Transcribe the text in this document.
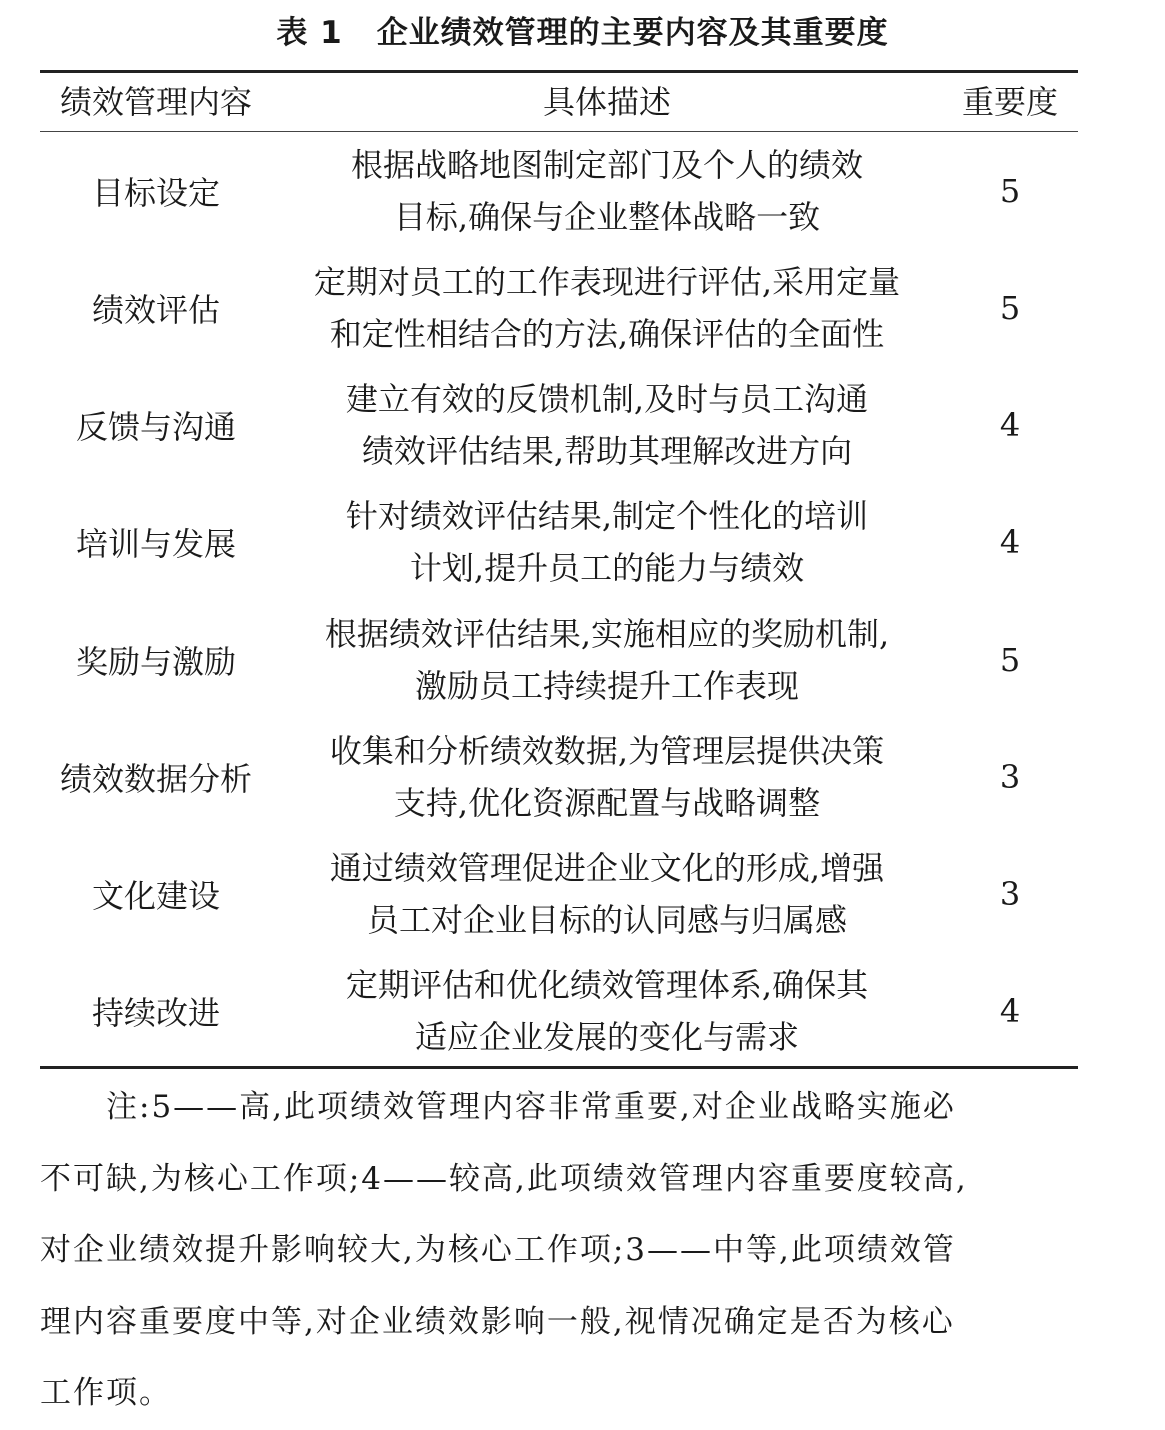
表 1 企业绩效管理的主要内容及其重要度
绩效管理内容	具体描述	重要度
目标设定
根据战略地图制定部门及个人的绩效
目标,确保与企业整体战略一致
5
绩效评估
定期对员工的工作表现进行评估,采用定量
和定性相结合的方法,确保评估的全面性
5
反馈与沟通
建立有效的反馈机制,及时与员工沟通
绩效评估结果,帮助其理解改进方向
4
培训与发展
针对绩效评估结果,制定个性化的培训
计划,提升员工的能力与绩效
4
奖励与激励
根据绩效评估结果,实施相应的奖励机制,
激励员工持续提升工作表现
5
绩效数据分析
收集和分析绩效数据,为管理层提供决策
支持,优化资源配置与战略调整
3
文化建设
通过绩效管理促进企业文化的形成,增强
员工对企业目标的认同感与归属感
3
持续改进
定期评估和优化绩效管理体系,确保其
适应企业发展的变化与需求
4

　　注:5——高,此项绩效管理内容非常重要,对企业战略实施必

不可缺,为核心工作项;4——较高,此项绩效管理内容重要度较高,

对企业绩效提升影响较大,为核心工作项;3——中等,此项绩效管

理内容重要度中等,对企业绩效影响一般,视情况确定是否为核心

工作项。
